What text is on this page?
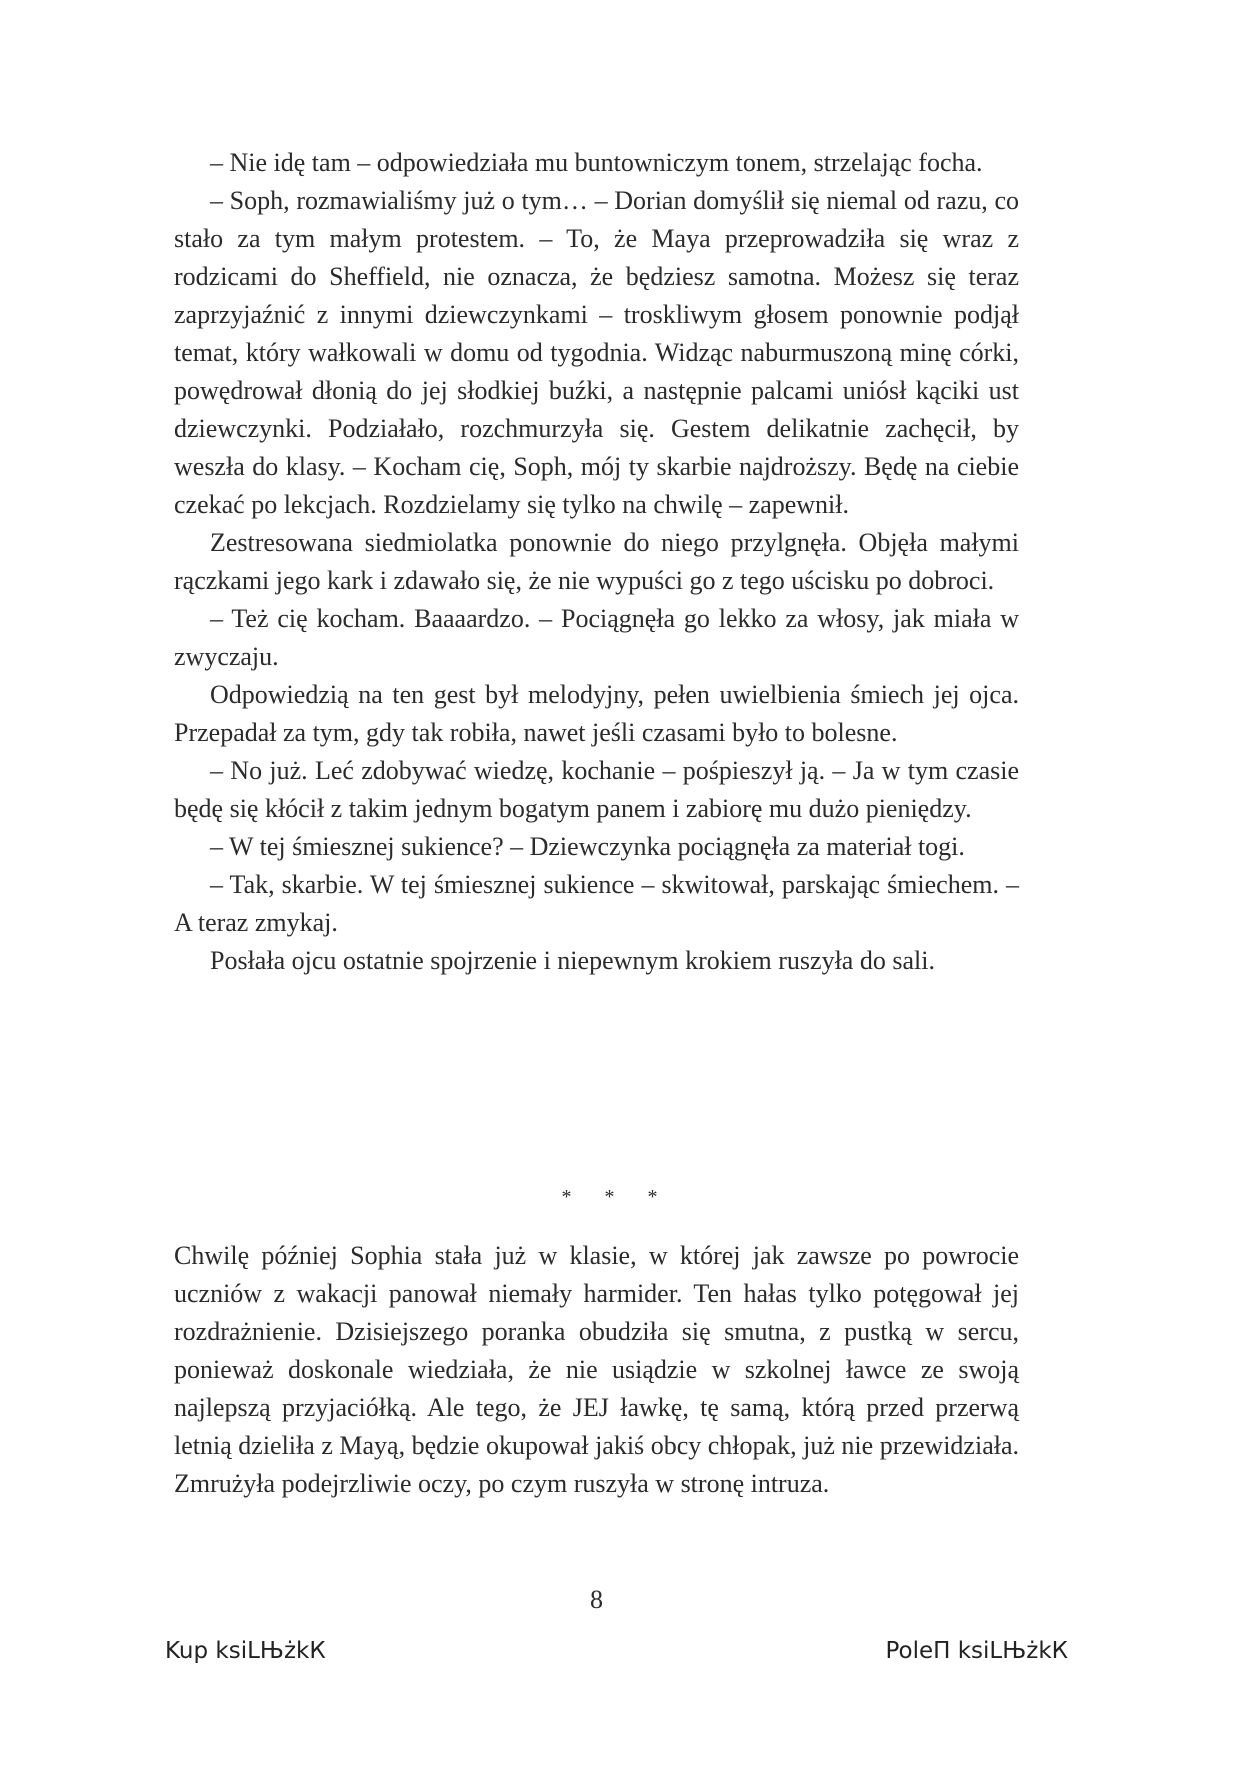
– Nie idę tam – odpowiedziała mu buntowniczym tonem, strzelając focha.

– Soph, rozmawialiśmy już o tym… – Dorian domyślił się niemal od razu, co stało za tym małym protestem. – To, że Maya przeprowadziła się wraz z rodzicami do Sheffield, nie oznacza, że będziesz samotna. Możesz się teraz zaprzyjaźnić z innymi dziewczynkami – troskliwym głosem ponownie podjął temat, który wałkowali w domu od tygodnia. Widząc naburmuszoną minę córki, powędrował dłonią do jej słodkiej buźki, a następnie palcami uniósł kąciki ust dziewczynki. Podziałało, rozchmurzyła się. Gestem delikatnie zachęcił, by weszła do klasy. – Kocham cię, Soph, mój ty skarbie najdroższy. Będę na ciebie czekać po lekcjach. Rozdzielamy się tylko na chwilę – zapewnił.

Zestresowana siedmiolatka ponownie do niego przylgnęła. Objęła małymi rączkami jego kark i zdawało się, że nie wypuści go z tego uścisku po dobroci.

– Też cię kocham. Baaaardzo. – Pociągnęła go lekko za włosy, jak miała w zwyczaju.

Odpowiedzią na ten gest był melodyjny, pełen uwielbienia śmiech jej ojca. Przepadał za tym, gdy tak robiła, nawet jeśli czasami było to bolesne.

– No już. Leć zdobywać wiedzę, kochanie – pośpieszył ją. – Ja w tym czasie będę się kłócił z takim jednym bogatym panem i zabiorę mu dużo pieniędzy.

– W tej śmiesznej sukience? – Dziewczynka pociągnęła za materiał togi.

– Tak, skarbie. W tej śmiesznej sukience – skwitował, parskając śmiechem. – A teraz zmykaj.

Posłała ojcu ostatnie spojrzenie i niepewnym krokiem ruszyła do sali.

* * *

Chwilę później Sophia stała już w klasie, w której jak zawsze po powrocie uczniów z wakacji panował niemały harmider. Ten hałas tylko potęgował jej rozdrażnienie. Dzisiejszego poranka obudziła się smutna, z pustką w sercu, ponieważ doskonale wiedziała, że nie usiądzie w szkolnej ławce ze swoją najlepszą przyjaciółką. Ale tego, że JEJ ławkę, tę samą, którą przed przerwą letnią dzieliła z Mayą, będzie okupował jakiś obcy chłopak, już nie przewidziała. Zmrużyła podejrzliwie oczy, po czym ruszyła w stronę intruza.

8
Kup ksiLЊżkК	PoleП ksiLЊżkК
